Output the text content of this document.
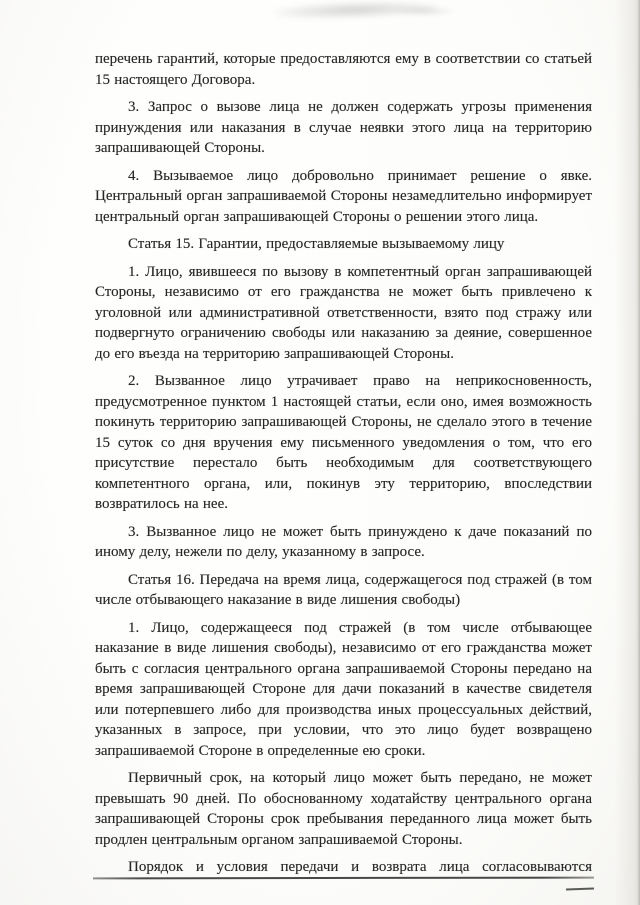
перечень гарантий, которые предоставляются ему в соответствии со статьей 15 настоящего Договора.

3. Запрос о вызове лица не должен содержать угрозы применения принуждения или наказания в случае неявки этого лица на территорию запрашивающей Стороны.

4. Вызываемое лицо добровольно принимает решение о явке. Центральный орган запрашиваемой Стороны незамедлительно информирует центральный орган запрашивающей Стороны о решении этого лица.

Статья 15. Гарантии, предоставляемые вызываемому лицу

1. Лицо, явившееся по вызову в компетентный орган запрашивающей Стороны, независимо от его гражданства не может быть привлечено к уголовной или административной ответственности, взято под стражу или подвергнуто ограничению свободы или наказанию за деяние, совершенное до его въезда на территорию запрашивающей Стороны.

2. Вызванное лицо утрачивает право на неприкосновенность, предусмотренное пунктом 1 настоящей статьи, если оно, имея возможность покинуть территорию запрашивающей Стороны, не сделало этого в течение 15 суток со дня вручения ему письменного уведомления о том, что его присутствие перестало быть необходимым для соответствующего компетентного органа, или, покинув эту территорию, впоследствии возвратилось на нее.

3. Вызванное лицо не может быть принуждено к даче показаний по иному делу, нежели по делу, указанному в запросе.

Статья 16. Передача на время лица, содержащегося под стражей (в том числе отбывающего наказание в виде лишения свободы)

1. Лицо, содержащееся под стражей (в том числе отбывающее наказание в виде лишения свободы), независимо от его гражданства может быть с согласия центрального органа запрашиваемой Стороны передано на время запрашивающей Стороне для дачи показаний в качестве свидетеля или потерпевшего либо для производства иных процессуальных действий, указанных в запросе, при условии, что это лицо будет возвращено запрашиваемой Стороне в определенные ею сроки.

Первичный срок, на который лицо может быть передано, не может превышать 90 дней. По обоснованному ходатайству центрального органа запрашивающей Стороны срок пребывания переданного лица может быть продлен центральным органом запрашиваемой Стороны.

Порядок и условия передачи и возврата лица согласовываются
